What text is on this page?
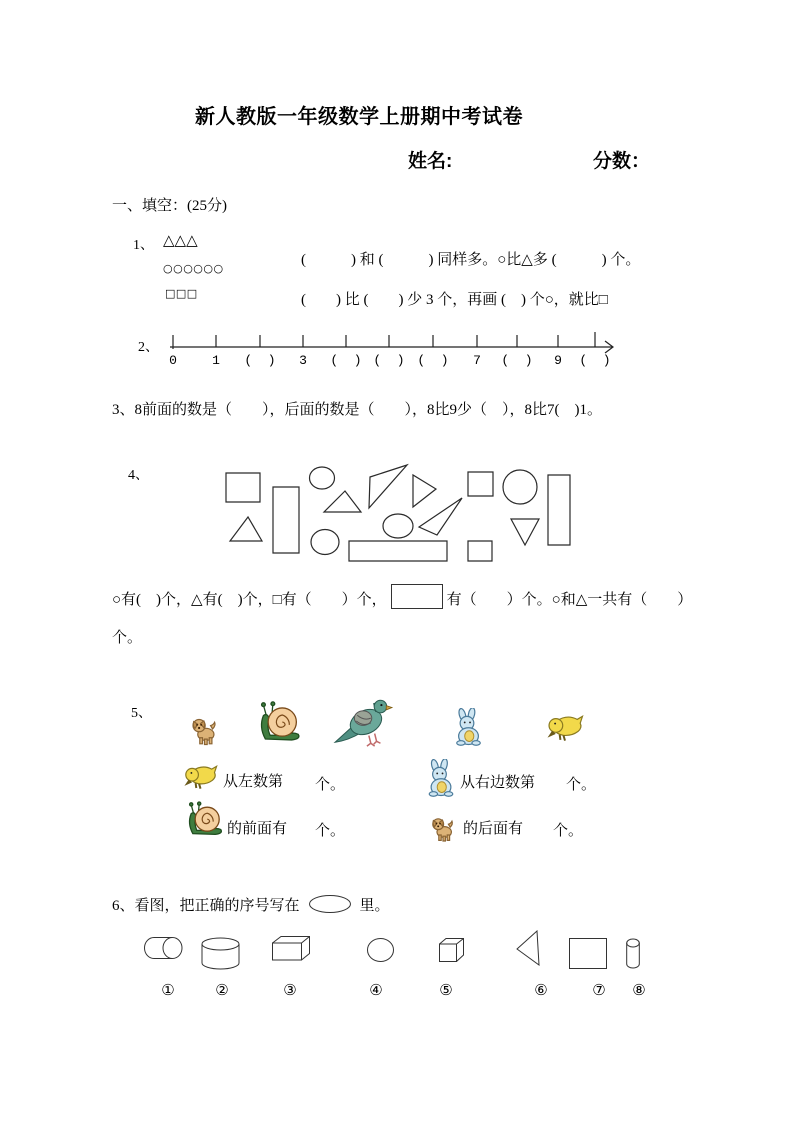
新人教版一年级数学上册期中考试卷
姓名:	分数：
一、填空：(25分)
1、 △△△
○○○○○○
□□□
(　　　) 和 (　　　) 同样多。○比△多 (　　　) 个。
(　　) 比 (　　) 少 3 个，再画 (　) 个○，就比□
2、
0	1	(  )	3	(  ) (  ) (  )	7	(  )	9	(  )
3、8前面的数是（　　），后面的数是（　　），8比9少（　），8比7(　)1。
4、
○有(　)个，△有(　)个，□有（　　）个，	有（　　）个。○和△一共有（　　）
个。
5、
从左数第 个。	从右边数第 个。
的前面有 个。	的后面有 个。
6、看图，把正确的序号写在	里。
①	②	③	④	⑤	⑥	⑦	⑧
